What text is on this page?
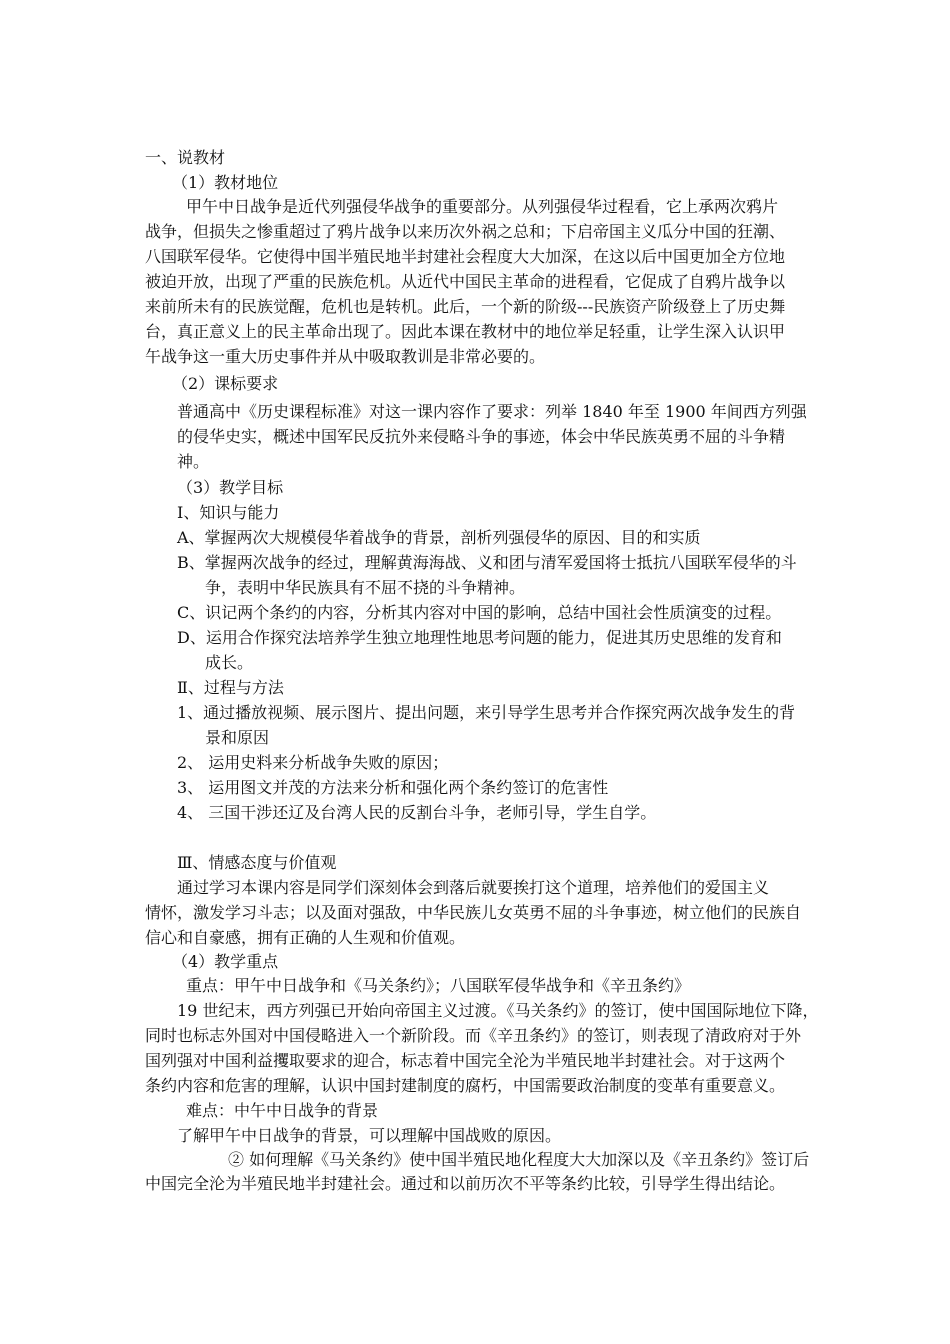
一、说教材
（1）教材地位
甲午中日战争是近代列强侵华战争的重要部分。从列强侵华过程看，它上承两次鸦片
战争，但损失之惨重超过了鸦片战争以来历次外祸之总和；下启帝国主义瓜分中国的狂潮、
八国联军侵华。它使得中国半殖民地半封建社会程度大大加深，在这以后中国更加全方位地
被迫开放，出现了严重的民族危机。从近代中国民主革命的进程看，它促成了自鸦片战争以
来前所未有的民族觉醒，危机也是转机。此后，一个新的阶级---民族资产阶级登上了历史舞
台，真正意义上的民主革命出现了。因此本课在教材中的地位举足轻重，让学生深入认识甲
午战争这一重大历史事件并从中吸取教训是非常必要的。
（2）课标要求
普通高中《历史课程标准》对这一课内容作了要求：列举 1840 年至 1900 年间西方列强
的侵华史实，概述中国军民反抗外来侵略斗争的事迹，体会中华民族英勇不屈的斗争精
神。
（3）教学目标
Ⅰ、知识与能力
A、掌握两次大规模侵华着战争的背景，剖析列强侵华的原因、目的和实质
B、掌握两次战争的经过，理解黄海海战、义和团与清军爱国将士抵抗八国联军侵华的斗
争，表明中华民族具有不屈不挠的斗争精神。
C、识记两个条约的内容，分析其内容对中国的影响，总结中国社会性质演变的过程。
D、运用合作探究法培养学生独立地理性地思考问题的能力，促进其历史思维的发育和
成长。
Ⅱ、过程与方法
1、通过播放视频、展示图片、提出问题，来引导学生思考并合作探究两次战争发生的背
景和原因
2、 运用史料来分析战争失败的原因；
3、 运用图文并茂的方法来分析和强化两个条约签订的危害性
4、 三国干涉还辽及台湾人民的反割台斗争，老师引导，学生自学。
Ⅲ、情感态度与价值观
通过学习本课内容是同学们深刻体会到落后就要挨打这个道理，培养他们的爱国主义
情怀，激发学习斗志；以及面对强敌，中华民族儿女英勇不屈的斗争事迹，树立他们的民族自
信心和自豪感，拥有正确的人生观和价值观。
（4）教学重点
重点：甲午中日战争和《马关条约》；八国联军侵华战争和《辛丑条约》
19 世纪末，西方列强已开始向帝国主义过渡。《马关条约》的签订，使中国国际地位下降，
同时也标志外国对中国侵略进入一个新阶段。而《辛丑条约》的签订，则表现了清政府对于外
国列强对中国利益攫取要求的迎合，标志着中国完全沦为半殖民地半封建社会。对于这两个
条约内容和危害的理解，认识中国封建制度的腐朽，中国需要政治制度的变革有重要意义。
难点：中午中日战争的背景
了解甲午中日战争的背景，可以理解中国战败的原因。
② 如何理解《马关条约》使中国半殖民地化程度大大加深以及《辛丑条约》签订后
中国完全沦为半殖民地半封建社会。通过和以前历次不平等条约比较，引导学生得出结论。
